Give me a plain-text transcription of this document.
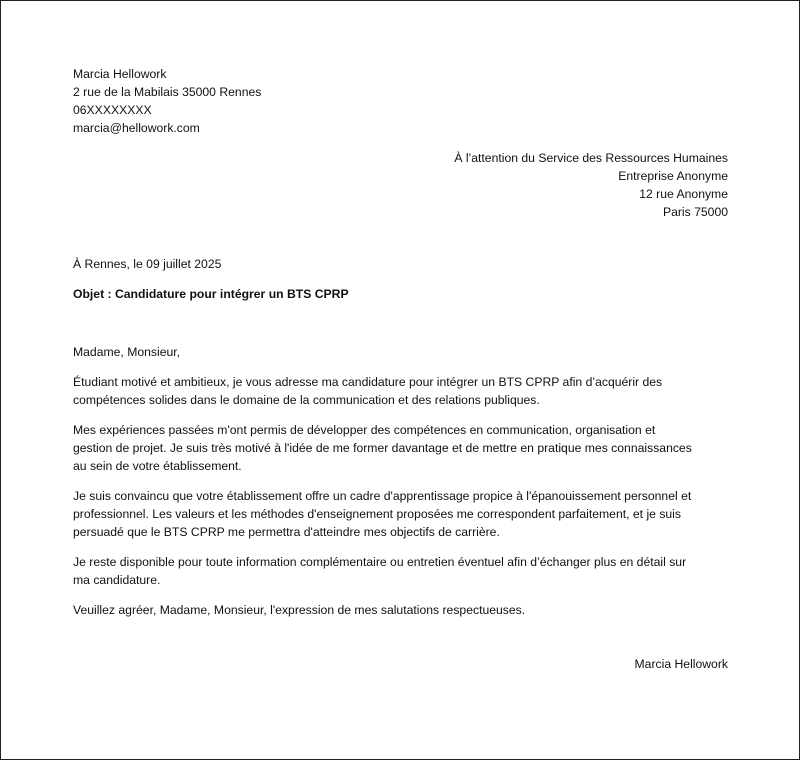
Marcia Hellowork
2 rue de la Mabilais 35000 Rennes
06XXXXXXXX
marcia@hellowork.com
À l’attention du Service des Ressources Humaines
Entreprise Anonyme
12 rue Anonyme
Paris 75000
À Rennes, le 09 juillet 2025
Objet : Candidature pour intégrer un BTS CPRP
Madame, Monsieur,
Étudiant motivé et ambitieux, je vous adresse ma candidature pour intégrer un BTS CPRP afin d’acquérir des
compétences solides dans le domaine de la communication et des relations publiques.
Mes expériences passées m'ont permis de développer des compétences en communication, organisation et
gestion de projet. Je suis très motivé à l'idée de me former davantage et de mettre en pratique mes connaissances
au sein de votre établissement.
Je suis convaincu que votre établissement offre un cadre d'apprentissage propice à l'épanouissement personnel et
professionnel. Les valeurs et les méthodes d'enseignement proposées me correspondent parfaitement, et je suis
persuadé que le BTS CPRP me permettra d'atteindre mes objectifs de carrière.
Je reste disponible pour toute information complémentaire ou entretien éventuel afin d’échanger plus en détail sur
ma candidature.
Veuillez agréer, Madame, Monsieur, l'expression de mes salutations respectueuses.
Marcia Hellowork
